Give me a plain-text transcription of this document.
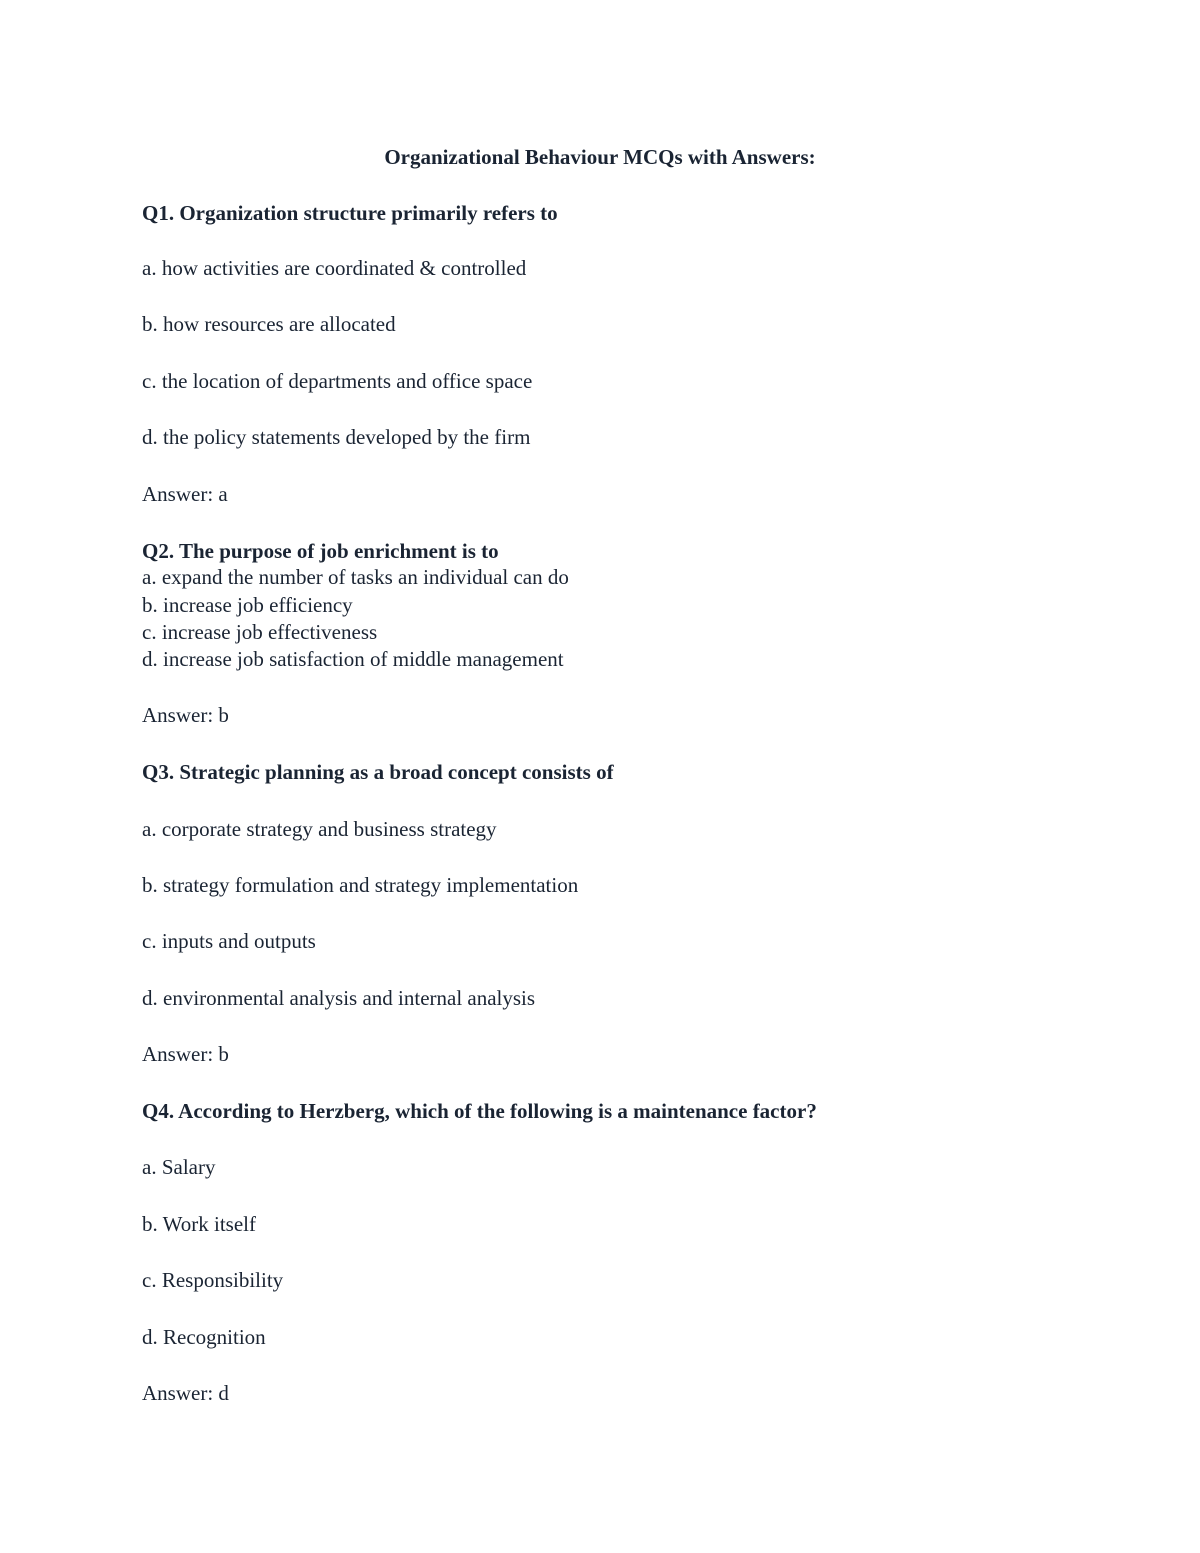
Organizational Behaviour MCQs with Answers:

Q1. Organization structure primarily refers to

a. how activities are coordinated & controlled

b. how resources are allocated

c. the location of departments and office space

d. the policy statements developed by the firm

Answer: a

Q2. The purpose of job enrichment is to

a. expand the number of tasks an individual can do

b. increase job efficiency

c. increase job effectiveness

d. increase job satisfaction of middle management

Answer: b

Q3. Strategic planning as a broad concept consists of

a. corporate strategy and business strategy

b. strategy formulation and strategy implementation

c. inputs and outputs

d. environmental analysis and internal analysis

Answer: b

Q4. According to Herzberg, which of the following is a maintenance factor?

a. Salary

b. Work itself

c. Responsibility

d. Recognition

Answer: d
